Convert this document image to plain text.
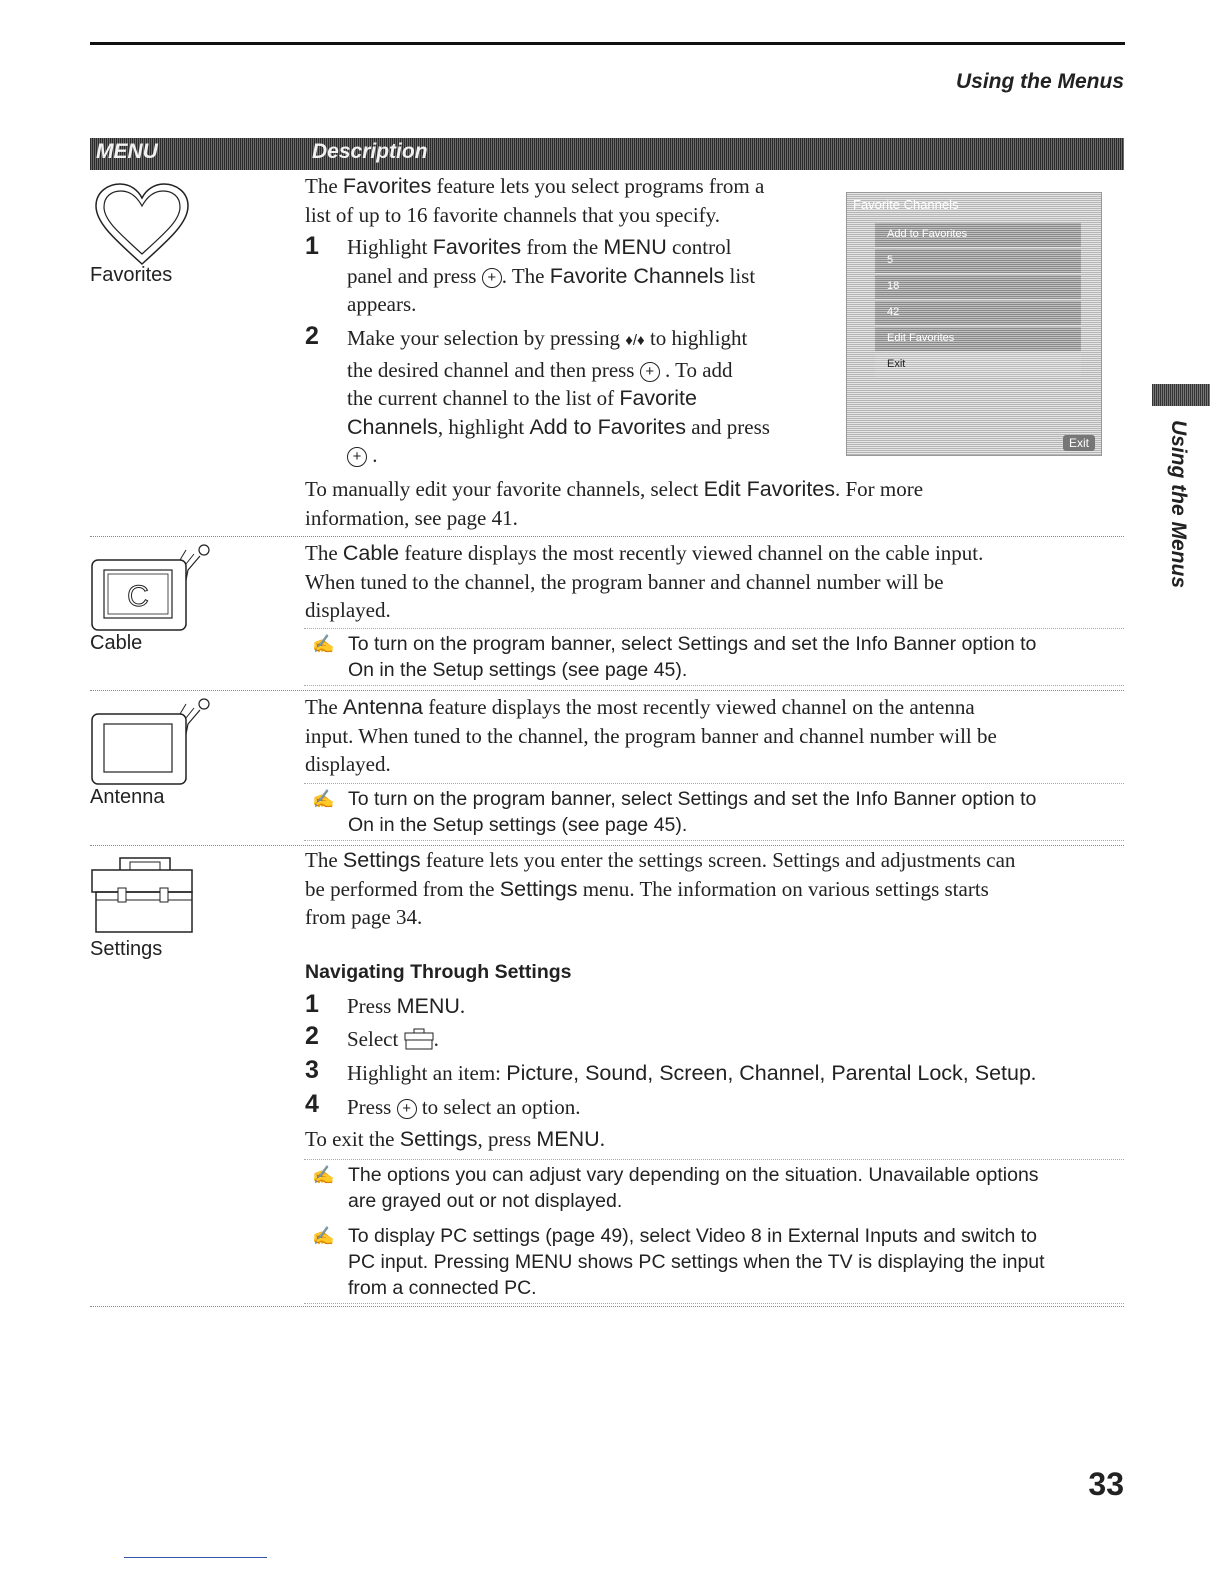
Using the Menus
MENU	Description
Favorites
The Favorites feature lets you select programs from a
list of up to 16 favorite channels that you specify.
1 Highlight Favorites from the MENU control
panel and press + . The Favorite Channels list
appears.
2 Make your selection by pressing ♦/♦ to highlight
the desired channel and then press + . To add
the current channel to the list of Favorite
Channels, highlight Add to Favorites and press
+ .
To manually edit your favorite channels, select Edit Favorites. For more
information, see page 41.
Favorite Channels
Add to Favorites
5
18
42
Edit Favorites
Exit
Exit
C
Cable
The Cable feature displays the most recently viewed channel on the cable input.
When tuned to the channel, the program banner and channel number will be
displayed.
✍ To turn on the program banner, select Settings and set the Info Banner option to
On in the Setup settings (see page 45).
Antenna
The Antenna feature displays the most recently viewed channel on the antenna
input. When tuned to the channel, the program banner and channel number will be
displayed.
✍ To turn on the program banner, select Settings and set the Info Banner option to
On in the Setup settings (see page 45).
Settings
The Settings feature lets you enter the settings screen. Settings and adjustments can
be performed from the Settings menu. The information on various settings starts
from page 34.
Navigating Through Settings
1 Press MENU.
2 Select .
3 Highlight an item: Picture, Sound, Screen, Channel, Parental Lock, Setup.
4 Press + to select an option.
To exit the Settings, press MENU.
✍ The options you can adjust vary depending on the situation. Unavailable options
are grayed out or not displayed.
✍ To display PC settings (page 49), select Video 8 in External Inputs and switch to
PC input. Pressing MENU shows PC settings when the TV is displaying the input
from a connected PC.
Using the Menus
33
